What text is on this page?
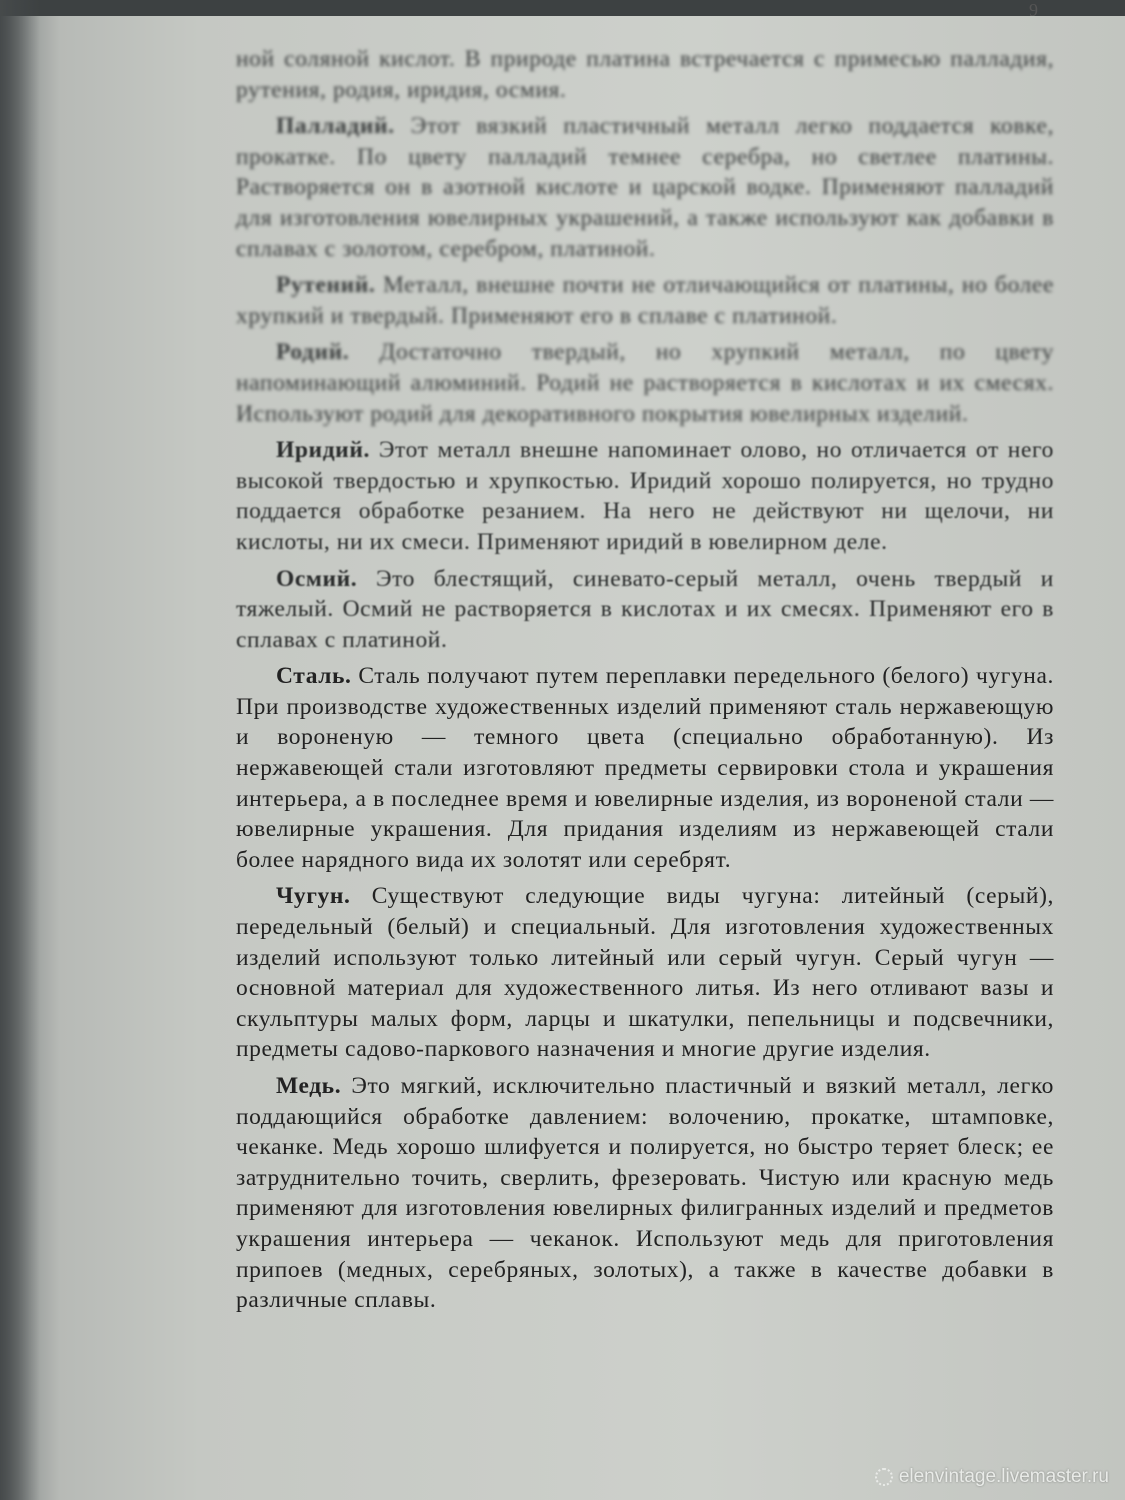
9

ной соляной кислот. В природе платина встречается с примесью палладия, рутения, родия, иридия, осмия.

Палладий. Этот вязкий пластичный металл легко поддается ковке, прокатке. По цвету палладий темнее серебра, но светлее платины. Растворяется он в азотной кислоте и царской водке. Применяют палладий для изготовления ювелирных украшений, а также используют как добавки в сплавах с золотом, серебром, платиной.

Рутений. Металл, внешне почти не отличающийся от платины, но более хрупкий и твердый. Применяют его в сплаве с платиной.

Родий. Достаточно твердый, но хрупкий металл, по цвету напоминающий алюминий. Родий не растворяется в кислотах и их смесях. Используют родий для декоративного покрытия ювелирных изделий.

Иридий. Этот металл внешне напоминает олово, но отличается от него высокой твердостью и хрупкостью. Иридий хорошо полируется, но трудно поддается обработке резанием. На него не действуют ни щелочи, ни кислоты, ни их смеси. Применяют иридий в ювелирном деле.

Осмий. Это блестящий, синевато-серый металл, очень твердый и тяжелый. Осмий не растворяется в кислотах и их смесях. Применяют его в сплавах с платиной.

Сталь. Сталь получают путем переплавки передельного (белого) чугуна. При производстве художественных изделий применяют сталь нержавеющую и вороненую — темного цвета (специально обработанную). Из нержавеющей стали изготовляют предметы сервировки стола и украшения интерьера, а в последнее время и ювелирные изделия, из вороненой стали — ювелирные украшения. Для придания изделиям из нержавеющей стали более нарядного вида их золотят или серебрят.

Чугун. Существуют следующие виды чугуна: литейный (серый), передельный (белый) и специальный. Для изготовления художественных изделий используют только литейный или серый чугун. Серый чугун — основной материал для художественного литья. Из него отливают вазы и скульптуры малых форм, ларцы и шкатулки, пепельницы и подсвечники, предметы садово-паркового назначения и многие другие изделия.

Медь. Это мягкий, исключительно пластичный и вязкий металл, легко поддающийся обработке давлением: волочению, прокатке, штамповке, чеканке. Медь хорошо шлифуется и полируется, но быстро теряет блеск; ее затруднительно точить, сверлить, фрезеровать. Чистую или красную медь применяют для изготовления ювелирных филигранных изделий и предметов украшения интерьера — чеканок. Используют медь для приготовления припоев (медных, серебряных, золотых), а также в качестве добавки в различные сплавы.

elenvintage.livemaster.ru
